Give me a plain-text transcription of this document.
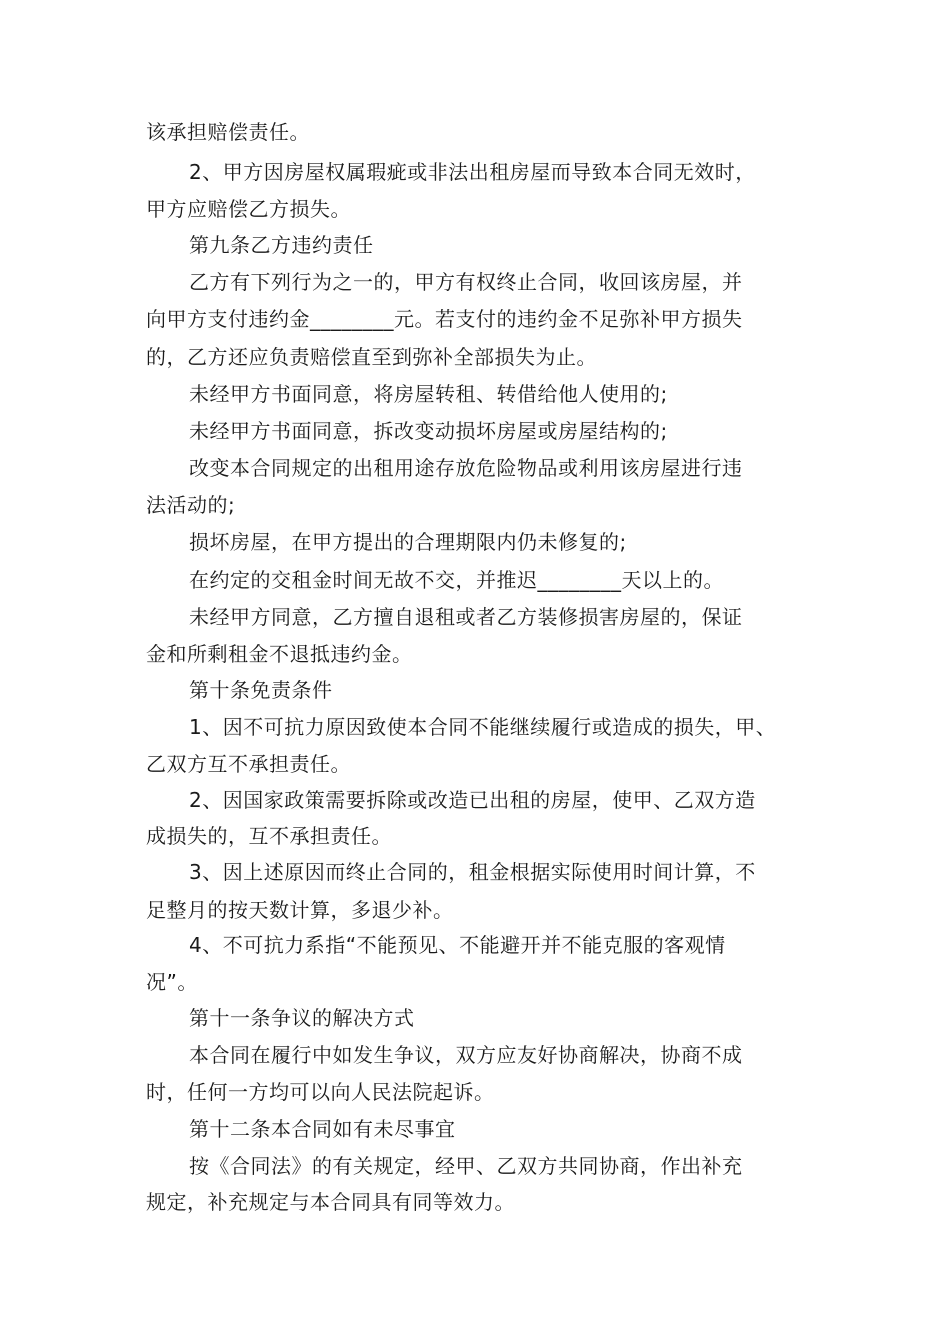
该承担赔偿责任。
2、甲方因房屋权属瑕疵或非法出租房屋而导致本合同无效时，
甲方应赔偿乙方损失。
第九条乙方违约责任
乙方有下列行为之一的，甲方有权终止合同，收回该房屋，并
向甲方支付违约金________元。若支付的违约金不足弥补甲方损失
的，乙方还应负责赔偿直至到弥补全部损失为止。
未经甲方书面同意，将房屋转租、转借给他人使用的;
未经甲方书面同意，拆改变动损坏房屋或房屋结构的;
改变本合同规定的出租用途存放危险物品或利用该房屋进行违
法活动的;
损坏房屋，在甲方提出的合理期限内仍未修复的;
在约定的交租金时间无故不交，并推迟________天以上的。
未经甲方同意，乙方擅自退租或者乙方装修损害房屋的，保证
金和所剩租金不退抵违约金。
第十条免责条件
1、因不可抗力原因致使本合同不能继续履行或造成的损失，甲、
乙双方互不承担责任。
2、因国家政策需要拆除或改造已出租的房屋，使甲、乙双方造
成损失的，互不承担责任。
3、因上述原因而终止合同的，租金根据实际使用时间计算，不
足整月的按天数计算，多退少补。
4、不可抗力系指“不能预见、不能避开并不能克服的客观情
况”。
第十一条争议的解决方式
本合同在履行中如发生争议，双方应友好协商解决，协商不成
时，任何一方均可以向人民法院起诉。
第十二条本合同如有未尽事宜
按《合同法》的有关规定，经甲、乙双方共同协商，作出补充
规定，补充规定与本合同具有同等效力。
